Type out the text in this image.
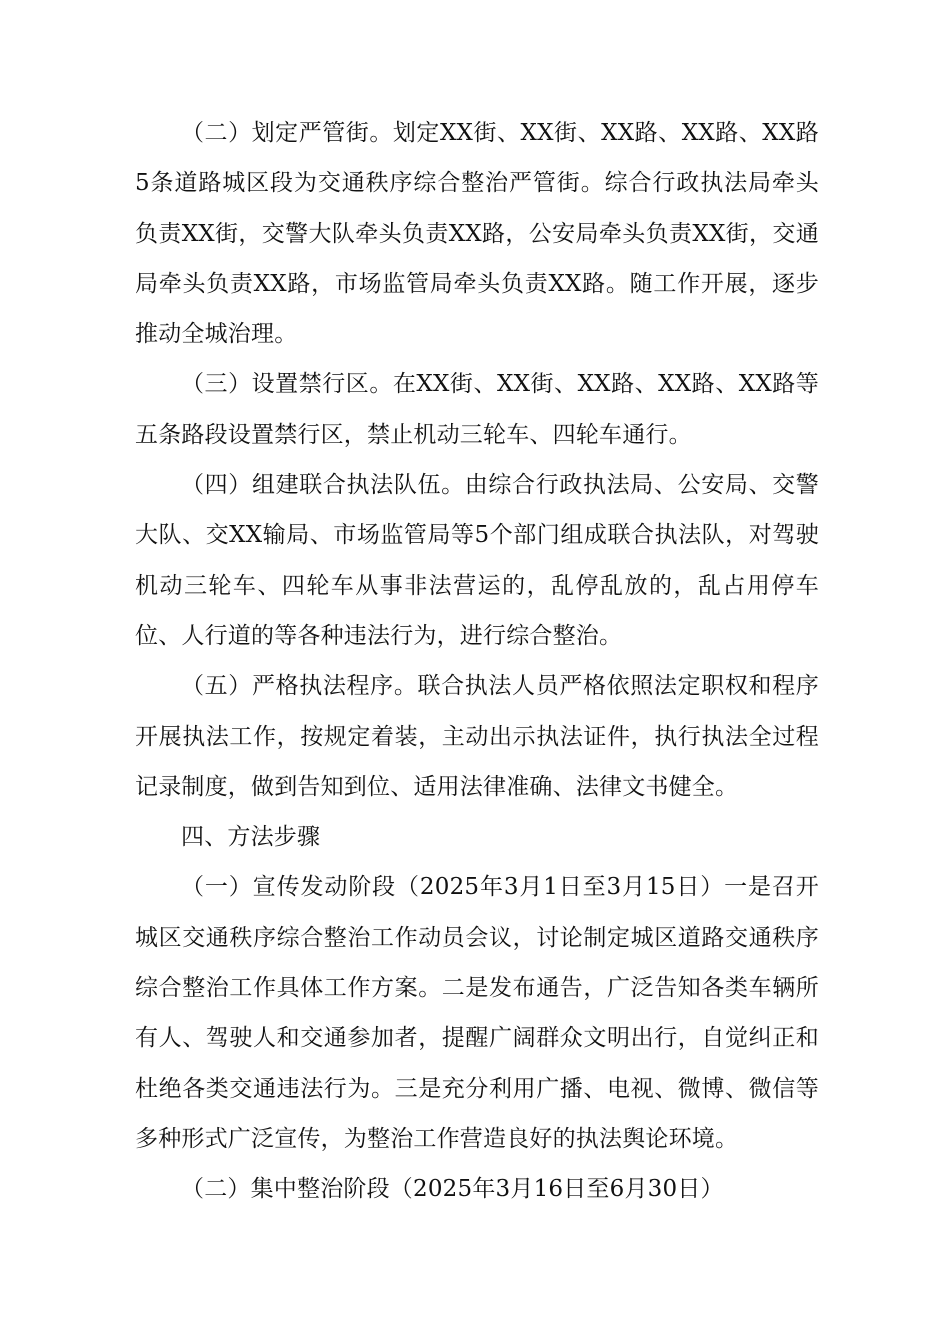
（二）划定严管街。划定XX街、XX街、XX路、XX路、XX路5条道路城区段为交通秩序综合整治严管街。综合行政执法局牵头负责XX街，交警大队牵头负责XX路，公安局牵头负责XX街，交通局牵头负责XX路，市场监管局牵头负责XX路。随工作开展，逐步推动全城治理。

（三）设置禁行区。在XX街、XX街、XX路、XX路、XX路等五条路段设置禁行区，禁止机动三轮车、四轮车通行。

（四）组建联合执法队伍。由综合行政执法局、公安局、交警大队、交XX输局、市场监管局等5个部门组成联合执法队，对驾驶机动三轮车、四轮车从事非法营运的，乱停乱放的，乱占用停车位、人行道的等各种违法行为，进行综合整治。

（五）严格执法程序。联合执法人员严格依照法定职权和程序开展执法工作，按规定着装，主动出示执法证件，执行执法全过程记录制度，做到告知到位、适用法律准确、法律文书健全。

四、方法步骤

（一）宣传发动阶段（2025年3月1日至3月15日）一是召开城区交通秩序综合整治工作动员会议，讨论制定城区道路交通秩序综合整治工作具体工作方案。二是发布通告，广泛告知各类车辆所有人、驾驶人和交通参加者，提醒广阔群众文明出行，自觉纠正和杜绝各类交通违法行为。三是充分利用广播、电视、微博、微信等多种形式广泛宣传，为整治工作营造良好的执法舆论环境。

（二）集中整治阶段（2025年3月16日至6月30日）
